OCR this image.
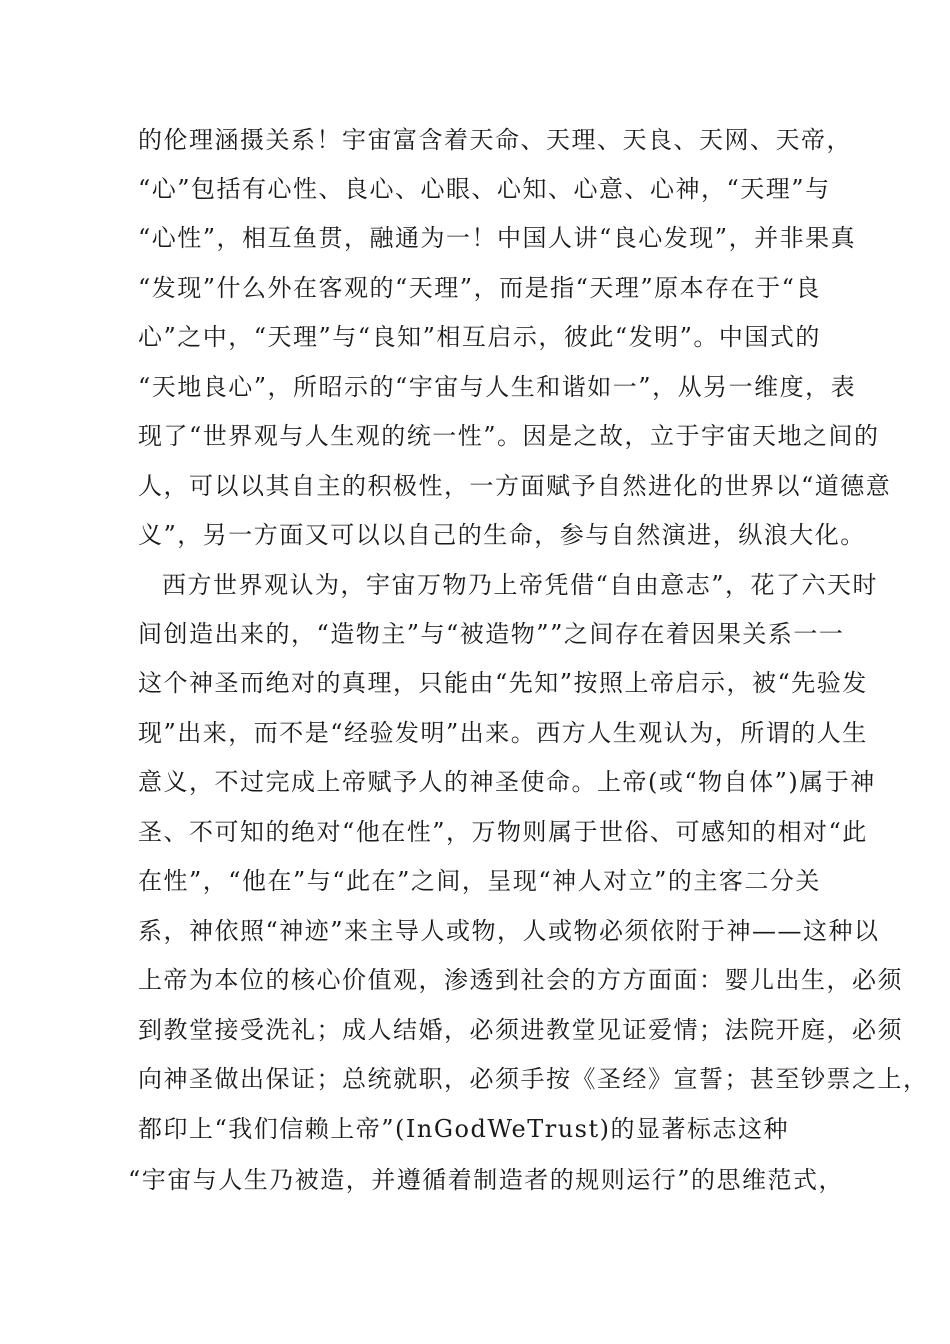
的伦理涵摄关系！宇宙富含着天命、天理、天良、天网、天帝，
“心”包括有心性、良心、心眼、心知、心意、心神，“天理”与
“心性”，相互鱼贯，融通为一！中国人讲“良心发现”，并非果真
“发现”什么外在客观的“天理”，而是指“天理”原本存在于“良
心”之中，“天理”与“良知”相互启示，彼此“发明”。中国式的
“天地良心”，所昭示的“宇宙与人生和谐如一”，从另一维度，表
现了“世界观与人生观的统一性”。因是之故，立于宇宙天地之间的
人，可以以其自主的积极性，一方面赋予自然进化的世界以“道德意
义”，另一方面又可以以自己的生命，参与自然演进，纵浪大化。
西方世界观认为，宇宙万物乃上帝凭借“自由意志”，花了六天时
间创造出来的，“造物主”与“被造物””之间存在着因果关系一一
这个神圣而绝对的真理，只能由“先知”按照上帝启示，被“先验发
现”出来，而不是“经验发明”出来。西方人生观认为，所谓的人生
意义，不过完成上帝赋予人的神圣使命。上帝(或“物自体”)属于神
圣、不可知的绝对“他在性”，万物则属于世俗、可感知的相对“此
在性”，“他在”与“此在”之间，呈现“神人对立”的主客二分关
系，神依照“神迹”来主导人或物，人或物必须依附于神——这种以
上帝为本位的核心价值观，渗透到社会的方方面面：婴儿出生，必须
到教堂接受洗礼；成人结婚，必须进教堂见证爱情；法院开庭，必须
向神圣做出保证；总统就职，必须手按《圣经》宣誓；甚至钞票之上，
都印上“我们信赖上帝”(InGodWeTrust)的显著标志这种
“宇宙与人生乃被造，并遵循着制造者的规则运行”的思维范式，
